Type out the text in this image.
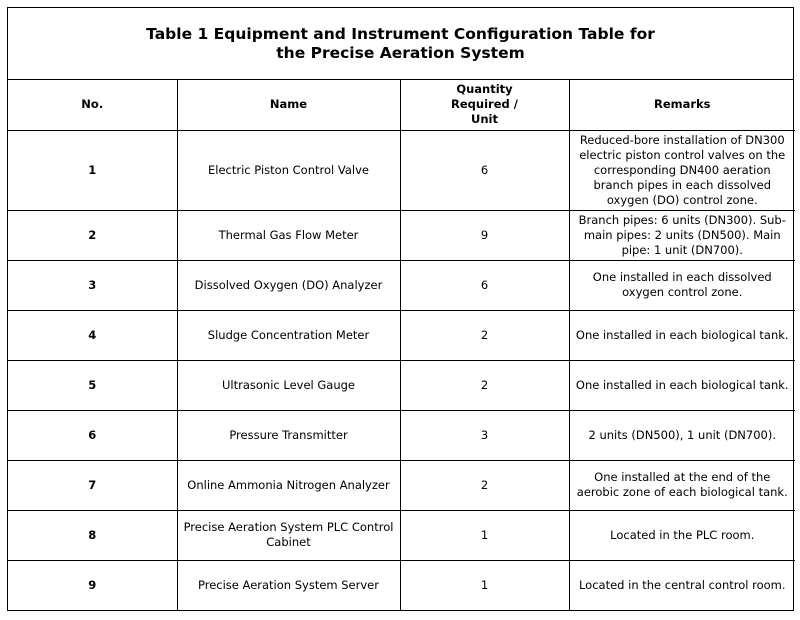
Table 1 Equipment and Instrument Configuration Table for
the Precise Aeration System
No.	Name	Quantity Required / Unit	Remarks
1	Electric Piston Control Valve	6	Reduced-bore installation of DN300 electric piston control valves on the corresponding DN400 aeration branch pipes in each dissolved oxygen (DO) control zone.
2	Thermal Gas Flow Meter	9	Branch pipes: 6 units (DN300). Sub-main pipes: 2 units (DN500). Main pipe: 1 unit (DN700).
3	Dissolved Oxygen (DO) Analyzer	6	One installed in each dissolved oxygen control zone.
4	Sludge Concentration Meter	2	One installed in each biological tank.
5	Ultrasonic Level Gauge	2	One installed in each biological tank.
6	Pressure Transmitter	3	2 units (DN500), 1 unit (DN700).
7	Online Ammonia Nitrogen Analyzer	2	One installed at the end of the aerobic zone of each biological tank.
8	Precise Aeration System PLC Control Cabinet	1	Located in the PLC room.
9	Precise Aeration System Server	1	Located in the central control room.
